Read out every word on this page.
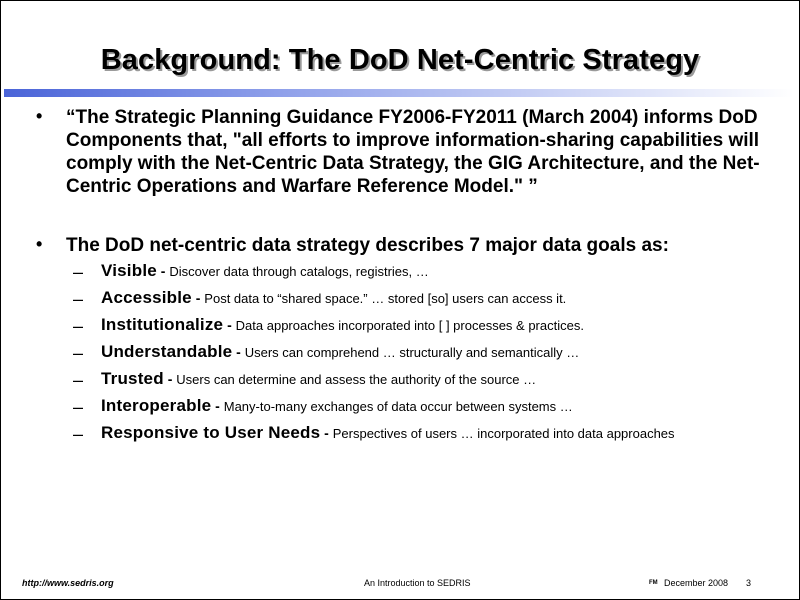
Background: The DoD Net-Centric Strategy
• “The Strategic Planning Guidance FY2006-FY2011 (March 2004) informs DoD Components that, "all efforts to improve information-sharing capabilities will comply with the Net-Centric Data Strategy, the GIG Architecture, and the Net-Centric Operations and Warfare Reference Model." ”
• The DoD net-centric data strategy describes 7 major data goals as:
– Visible - Discover data through catalogs, registries, …
– Accessible - Post data to “shared space.” … stored [so] users can access it.
– Institutionalize - Data approaches incorporated into [ ] processes & practices.
– Understandable - Users can comprehend … structurally and semantically …
– Trusted - Users can determine and assess the authority of the source …
– Interoperable - Many-to-many exchanges of data occur between systems …
– Responsive to User Needs - Perspectives of users … incorporated into data approaches
http://www.sedris.org	An Introduction to SEDRIS	FM December 2008 3
